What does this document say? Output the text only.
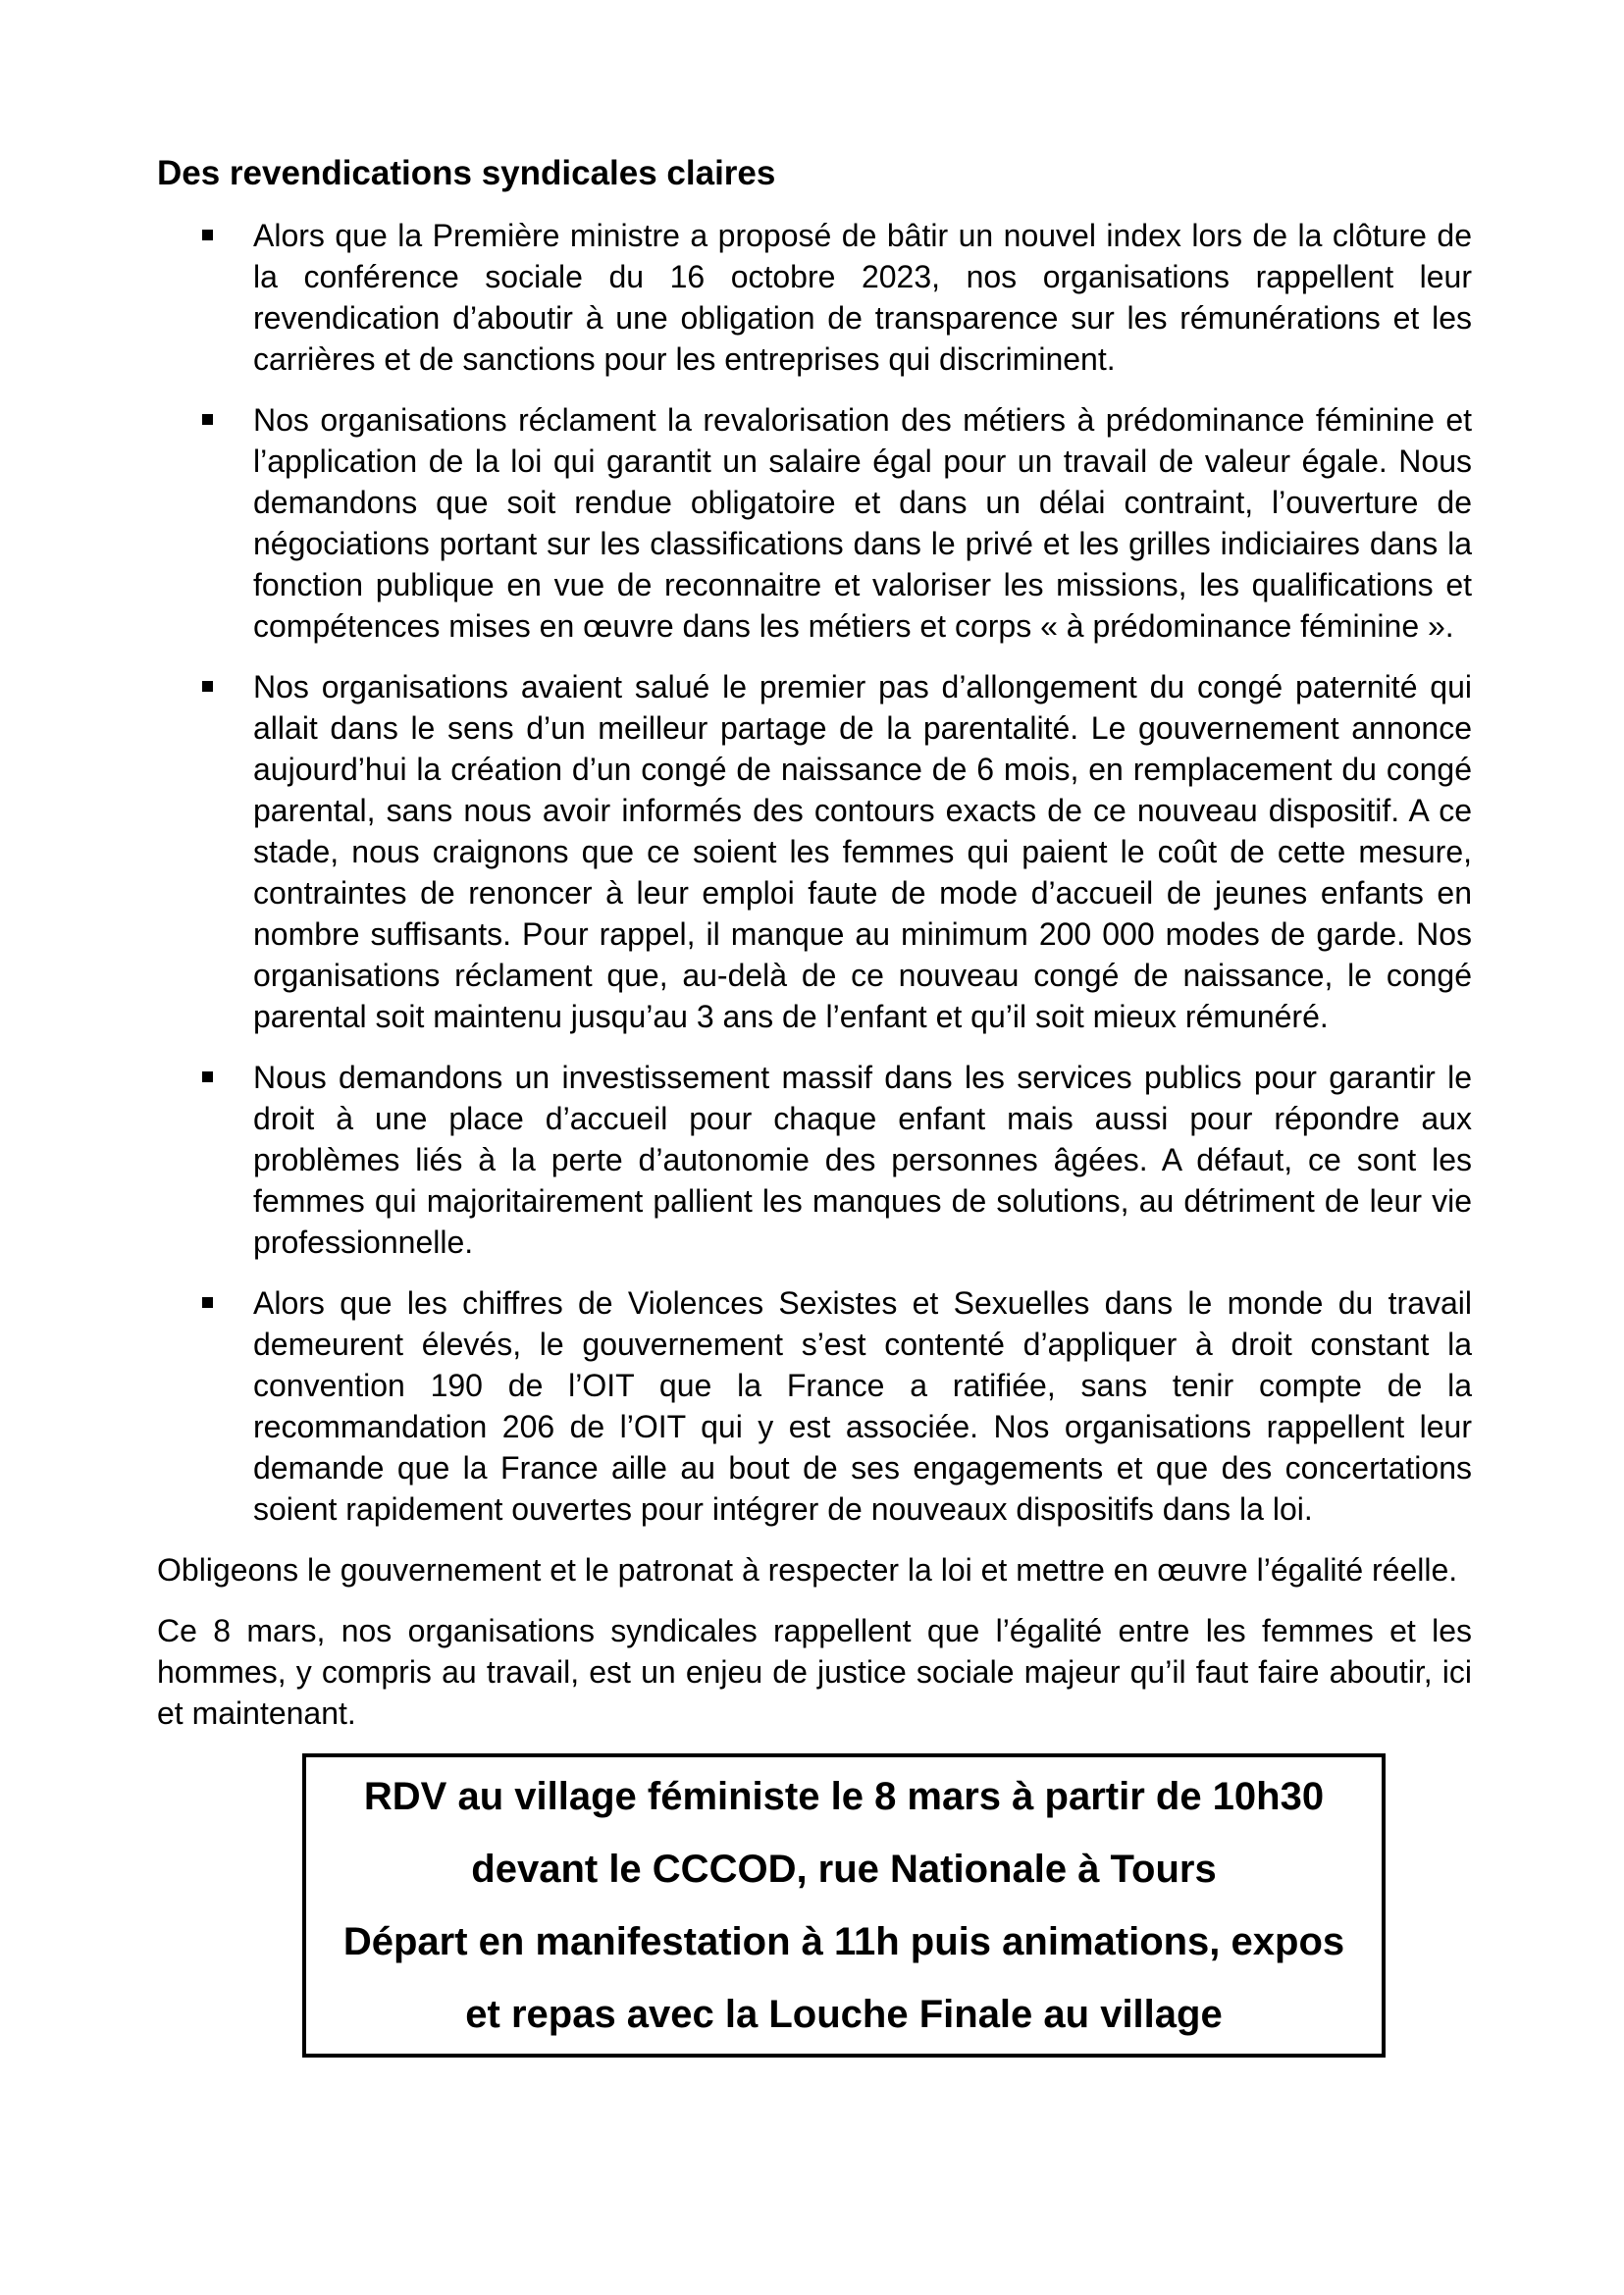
Des revendications syndicales claires
Alors que la Première ministre a proposé de bâtir un nouvel index lors de la clôture de la conférence sociale du 16 octobre 2023, nos organisations rappellent leur revendication d’aboutir à une obligation de transparence sur les rémunérations et les carrières et de sanctions pour les entreprises qui discriminent.
Nos organisations réclament la revalorisation des métiers à prédominance féminine et l’application de la loi qui garantit un salaire égal pour un travail de valeur égale. Nous demandons que soit rendue obligatoire et dans un délai contraint, l’ouverture de négociations portant sur les classifications dans le privé et les grilles indiciaires dans la fonction publique en vue de reconnaitre et valoriser les missions, les qualifications et compétences mises en œuvre dans les métiers et corps « à prédominance féminine ».
Nos organisations avaient salué le premier pas d’allongement du congé paternité qui allait dans le sens d’un meilleur partage de la parentalité. Le gouvernement annonce aujourd’hui la création d’un congé de naissance de 6 mois, en remplacement du congé parental, sans nous avoir informés des contours exacts de ce nouveau dispositif. A ce stade, nous craignons que ce soient les femmes qui paient le coût de cette mesure, contraintes de renoncer à leur emploi faute de mode d’accueil de jeunes enfants en nombre suffisants. Pour rappel, il manque au minimum 200 000 modes de garde. Nos organisations réclament que, au-delà de ce nouveau congé de naissance, le congé parental soit maintenu jusqu’au 3 ans de l’enfant et qu’il soit mieux rémunéré.
Nous demandons un investissement massif dans les services publics pour garantir le droit à une place d’accueil pour chaque enfant mais aussi pour répondre aux problèmes liés à la perte d’autonomie des personnes âgées. A défaut, ce sont les femmes qui majoritairement pallient les manques de solutions, au détriment de leur vie professionnelle.
Alors que les chiffres de Violences Sexistes et Sexuelles dans le monde du travail demeurent élevés, le gouvernement s’est contenté d’appliquer à droit constant la convention 190 de l’OIT que la France a ratifiée, sans tenir compte de la recommandation 206 de l’OIT qui y est associée. Nos organisations rappellent leur demande que la France aille au bout de ses engagements et que des concertations soient rapidement ouvertes pour intégrer de nouveaux dispositifs dans la loi.

Obligeons le gouvernement et le patronat à respecter la loi et mettre en œuvre l’égalité réelle.

Ce 8 mars, nos organisations syndicales rappellent que l’égalité entre les femmes et les hommes, y compris au travail, est un enjeu de justice sociale majeur qu’il faut faire aboutir, ici et maintenant.

RDV au village féministe le 8 mars à partir de 10h30

devant le CCCOD, rue Nationale à Tours

Départ en manifestation à 11h puis animations, expos

et repas avec la Louche Finale au village
